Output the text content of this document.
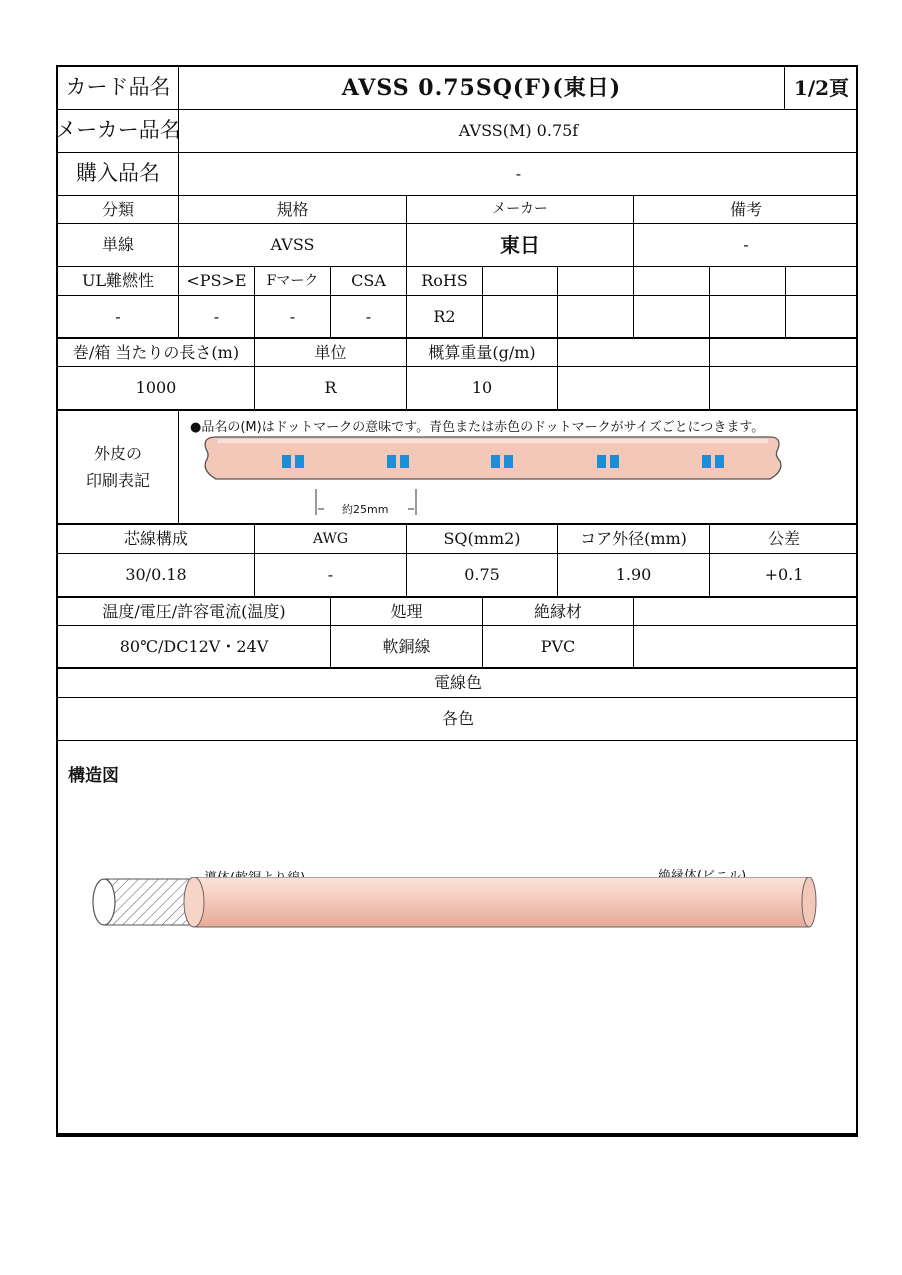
カード品名	AVSS 0.75SQ(F)(東日)	1/2頁
メーカー品名	AVSS(M) 0.75f
購入品名	-
分類	規格	メーカー	備考
単線	AVSS	東日	-
UL難燃性	<PS>E	Fマーク	CSA	RoHS
-	-	-	-	R2
巻/箱 当たりの長さ(m)	単位	概算重量(g/m)
1000	R	10
外皮の
印刷表記
●品名の(M)はドットマークの意味です。青色または赤色のドットマークがサイズごとにつきます。
約25mm
芯線構成	AWG	SQ(mm2)	コア外径(mm)	公差
30/0.18	-	0.75	1.90	+0.1
温度/電圧/許容電流(温度)	処理	絶縁材
80℃/DC12V・24V	軟銅線	PVC
電線色
各色
構造図
